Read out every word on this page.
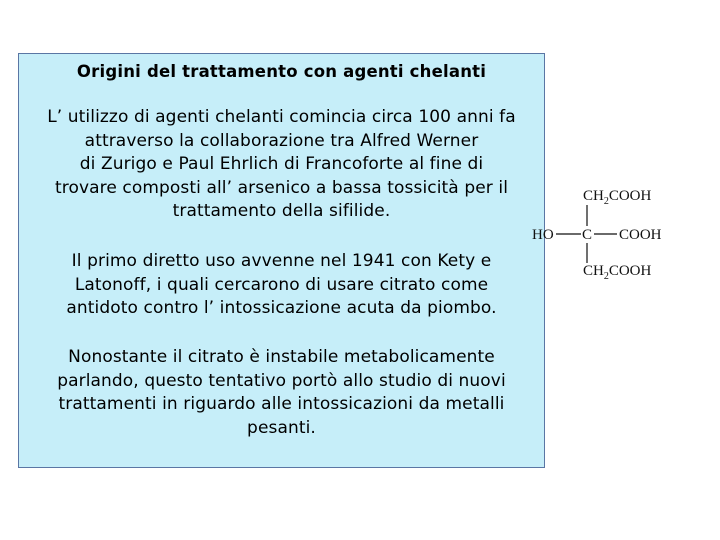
Origini del trattamento con agenti chelanti
L’ utilizzo di agenti chelanti comincia circa 100 anni fa
attraverso la collaborazione tra Alfred Werner
di Zurigo e Paul Ehrlich di Francoforte al fine di
trovare composti all’ arsenico a bassa tossicità per il
trattamento della sifilide.
Il primo diretto uso avvenne nel 1941 con Kety e
Latonoff, i quali cercarono di usare citrato come
antidoto contro l’ intossicazione acuta da piombo.
Nonostante il citrato è instabile metabolicamente
parlando, questo tentativo portò allo studio di nuovi
trattamenti in riguardo alle intossicazioni da metalli
pesanti.
$CH_2COOH$
HO C COOH
$CH_2COOH$
